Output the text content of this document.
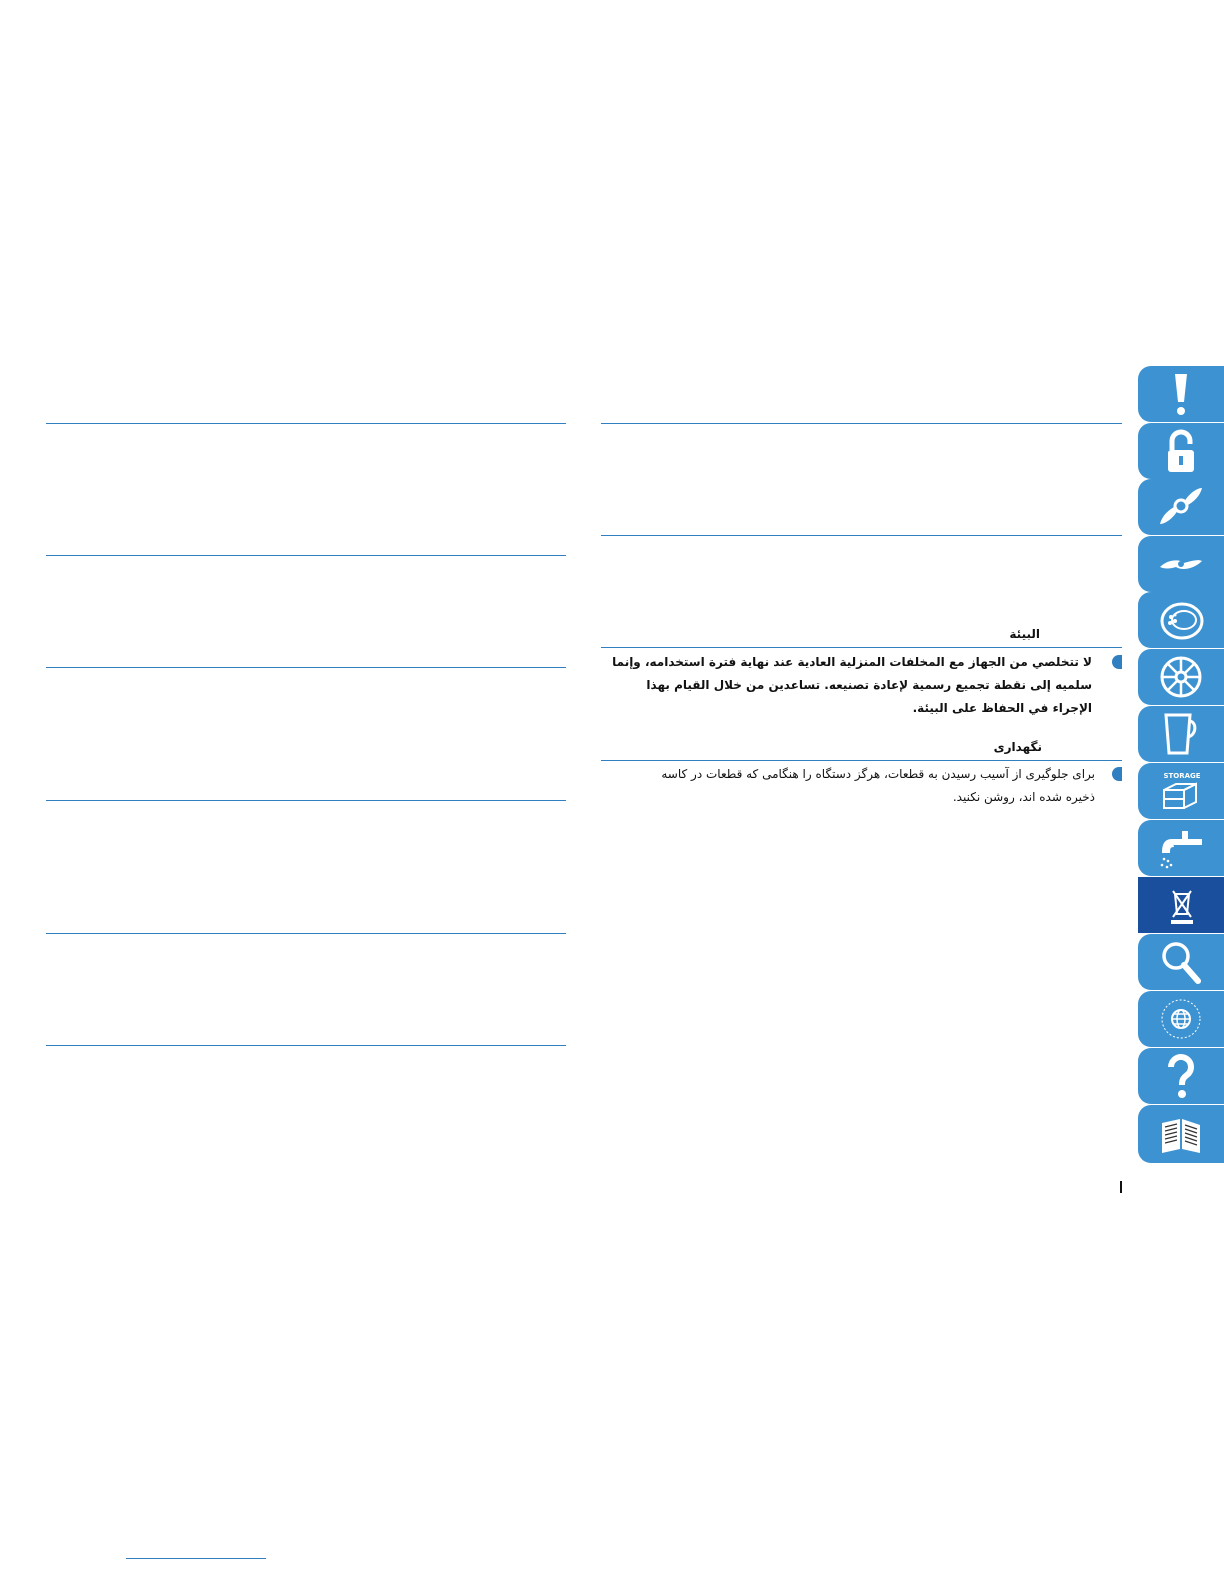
البيئة
لا تتخلصي من الجهاز مع المخلفات المنزلية العادية عند نهاية فترة استخدامه، وإنما سلميه إلى نقطة تجميع رسمية لإعادة تصنيعه. تساعدين من خلال القيام بهذا الإجراء في الحفاظ على البيئة.
نگهداری
برای جلوگیری از آسیب رسیدن به قطعات، هرگز دستگاه را هنگامی که قطعات در کاسه ذخیره شده اند، روشن نکنید.
STORAGE
